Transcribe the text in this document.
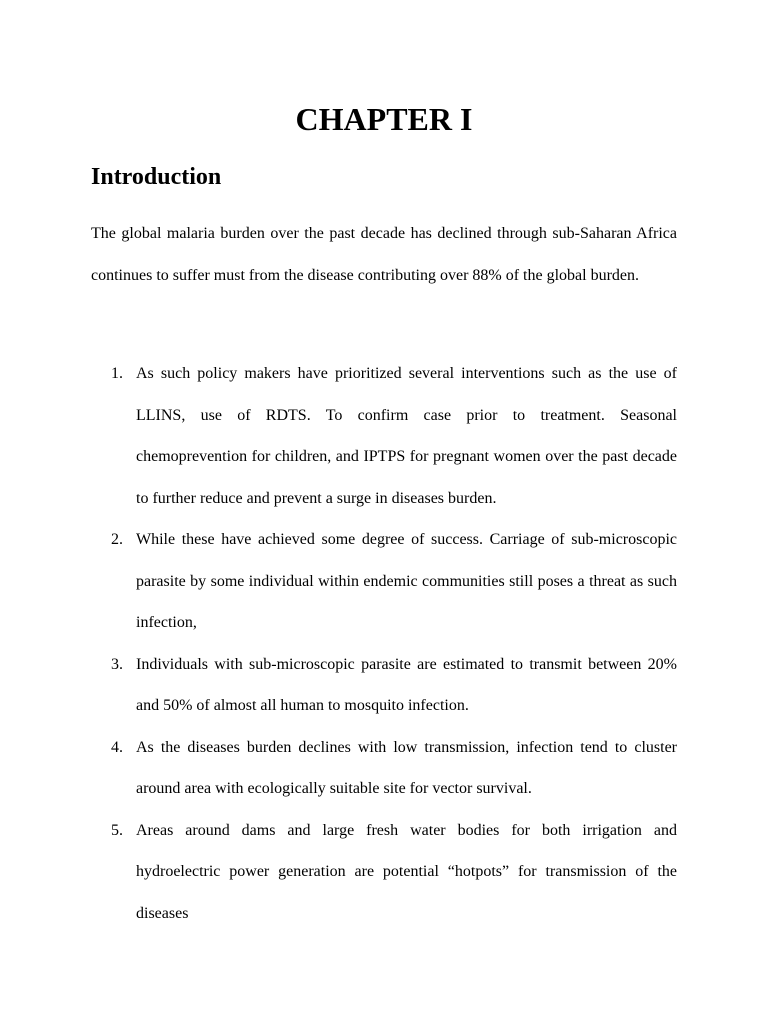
CHAPTER I
Introduction

The global malaria burden over the past decade has declined through sub-Saharan Africa continues to suffer must from the disease contributing over 88% of the global burden.

1. As such policy makers have prioritized several interventions such as the use of LLINS, use of RDTS. To confirm case prior to treatment. Seasonal chemoprevention for children, and IPTPS for pregnant women over the past decade to further reduce and prevent a surge in diseases burden.
2. While these have achieved some degree of success. Carriage of sub-microscopic parasite by some individual within endemic communities still poses a threat as such infection,
3. Individuals with sub-microscopic parasite are estimated to transmit between 20% and 50% of almost all human to mosquito infection.
4. As the diseases burden declines with low transmission, infection tend to cluster around area with ecologically suitable site for vector survival.
5. Areas around dams and large fresh water bodies for both irrigation and hydroelectric power generation are potential “hotpots” for transmission of the diseases
